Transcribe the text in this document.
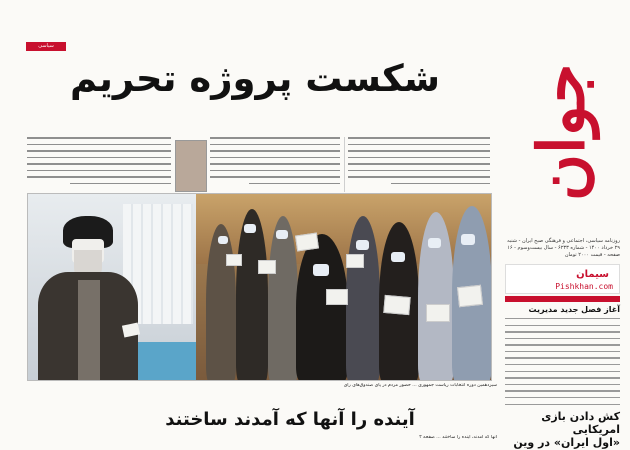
جوان
روزنامه سیاسی، اجتماعی و فرهنگی صبح ایران - شنبه ۲۹ خرداد ۱۴۰۰ - شماره ۶۲۳۳ - سال بیست‌وسوم - ۱۶ صفحه - قیمت ۲۰۰۰ تومان
سیمان
Pishkhan.com
آغاز فصل جدید مدیریت
کش دادن بازی امریکایی
«اول ایران» در وین
سیاسی
شکست پروژه تحریم
سیزدهمین دوره انتخابات ریاست جمهوری ... حضور مردم در پای صندوق‌های رأی
آینده را آنها که آمدند ساختند
آنها که آمدند، آینده را ساختند ... صفحه ۲
